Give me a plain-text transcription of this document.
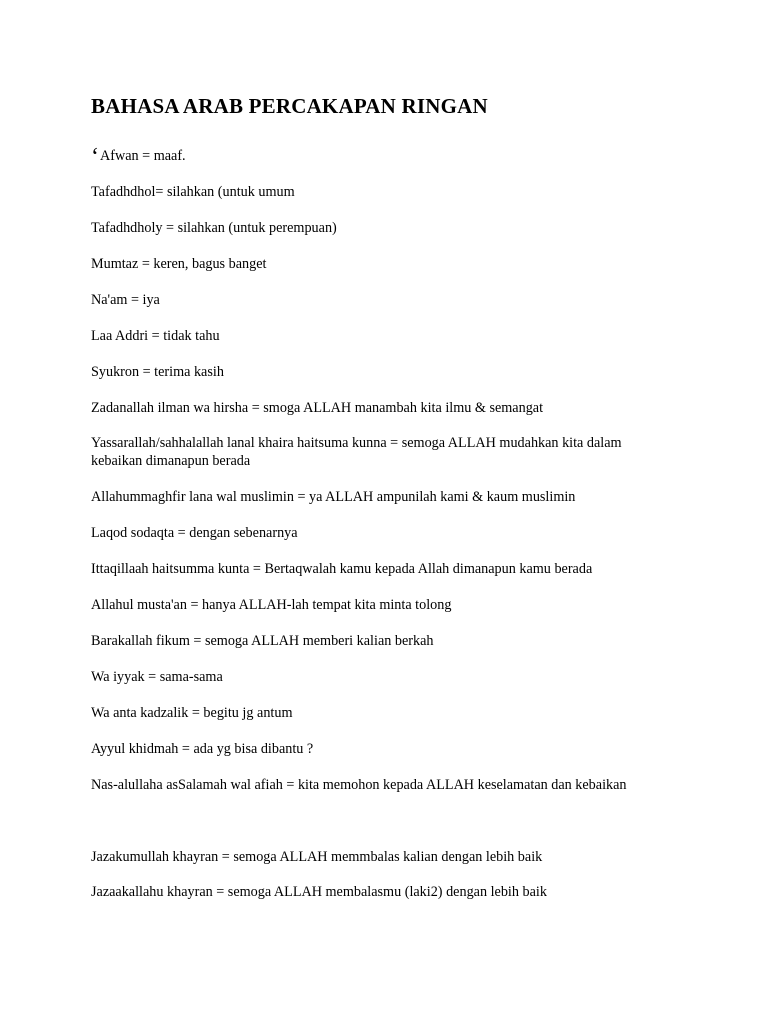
BAHASA ARAB PERCAKAPAN RINGAN

‘Afwan = maaf.

Tafadhdhol= silahkan (untuk umum

Tafadhdholy = silahkan (untuk perempuan)

Mumtaz = keren, bagus banget

Na'am = iya

Laa Addri = tidak tahu

Syukron = terima kasih

Zadanallah ilman wa hirsha = smoga ALLAH manambah kita ilmu & semangat

Yassarallah/sahhalallah lanal khaira haitsuma kunna = semoga ALLAH mudahkan kita dalam kebaikan dimanapun berada

Allahummaghfir lana wal muslimin = ya ALLAH ampunilah kami & kaum muslimin

Laqod sodaqta = dengan sebenarnya

Ittaqillaah haitsumma kunta = Bertaqwalah kamu kepada Allah dimanapun kamu berada

Allahul musta'an = hanya ALLAH-lah tempat kita minta tolong

Barakallah fikum = semoga ALLAH memberi kalian berkah

Wa iyyak = sama-sama

Wa anta kadzalik = begitu jg antum

Ayyul khidmah = ada yg bisa dibantu ?

Nas-alullaha asSalamah wal afiah = kita memohon kepada ALLAH keselamatan dan kebaikan

Jazakumullah khayran = semoga ALLAH memmbalas kalian dengan lebih baik

Jazaakallahu khayran = semoga ALLAH membalasmu (laki2) dengan lebih baik
